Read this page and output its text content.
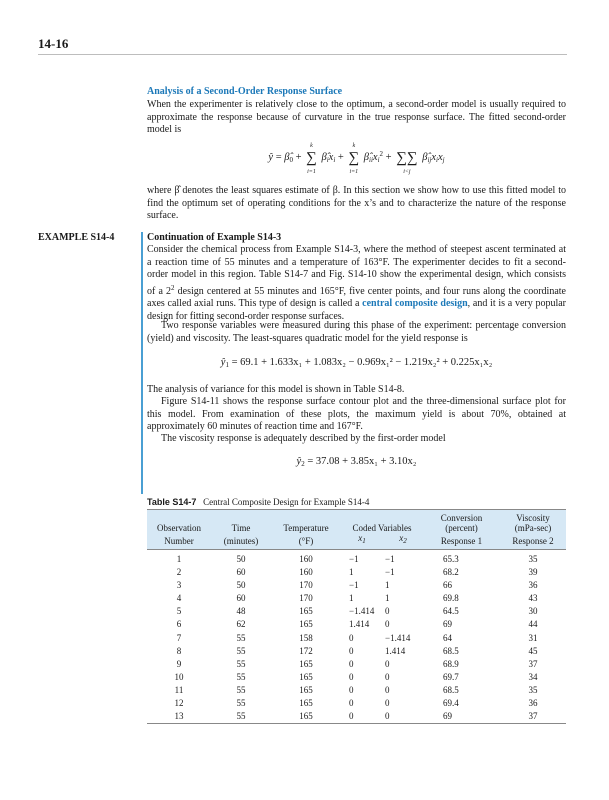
14-16
Analysis of a Second-Order Response Surface

When the experimenter is relatively close to the optimum, a second-order model is usually required to approximate the response because of curvature in the true response surface. The fitted second-order model is

ŷ = $\betâ_0$ +
k
∑
i=1
$\betâ_ix_i$ +
k
∑
i=1
$\betâ_{ii}x_i^2$ + ∑∑
i<j
$\betâ_{ij}x_ix_j$

where β̂ denotes the least squares estimate of β. In this section we show how to use this fitted model to find the optimum set of operating conditions for the x’s and to characterize the nature of the response surface.

EXAMPLE S14-4	Continuation of Example S14-3

Consider the chemical process from Example S14-3, where the method of steepest ascent terminated at a reaction time of 55 minutes and a temperature of 163°F. The experimenter decides to fit a second-order model in this region. Table S14-7 and Fig. S14-10 show the experimental design, which consists of a $2^2$ design centered at 55 minutes and 165°F, five center points, and four runs along the coordinate axes called axial runs. This type of design is called a central composite design, and it is a very popular design for fitting second-order response surfaces.

Two response variables were measured during this phase of the experiment: percentage conversion (yield) and viscosity. The least-squares quadratic model for the yield response is

$ŷ_1 = 69.1 + 1.633x_1 + 1.083x_2 - 0.969x_1^2 - 1.219x_2^2 + 0.225x_1x_2$

The analysis of variance for this model is shown in Table S14-8.

Figure S14-11 shows the response surface contour plot and the three-dimensional surface plot for this model. From examination of these plots, the maximum yield is about 70%, obtained at approximately 60 minutes of reaction time and 167°F.

The viscosity response is adequately described by the first-order model

$ŷ_2 = 37.08 + 3.85x_1 + 3.10x_2$
Table S14-7 Central Composite Design for Example S14-4
					Conversion	Viscosity
Observation	Time	Temperature	Coded Variables		(percent)	(mPa-sec)
Number	(minutes)	(°F)	$x_1$	$x_2$	Response 1	Response 2
1	50	160	−1	−1	65.3	35
2	60	160	1	−1	68.2	39
3	50	170	−1	1	66	36
4	60	170	1	1	69.8	43
5	48	165	−1.414	0	64.5	30
6	62	165	1.414	0	69	44
7	55	158	0	−1.414	64	31
8	55	172	0	1.414	68.5	45
9	55	165	0	0	68.9	37
10	55	165	0	0	69.7	34
11	55	165	0	0	68.5	35
12	55	165	0	0	69.4	36
13	55	165	0	0	69	37
